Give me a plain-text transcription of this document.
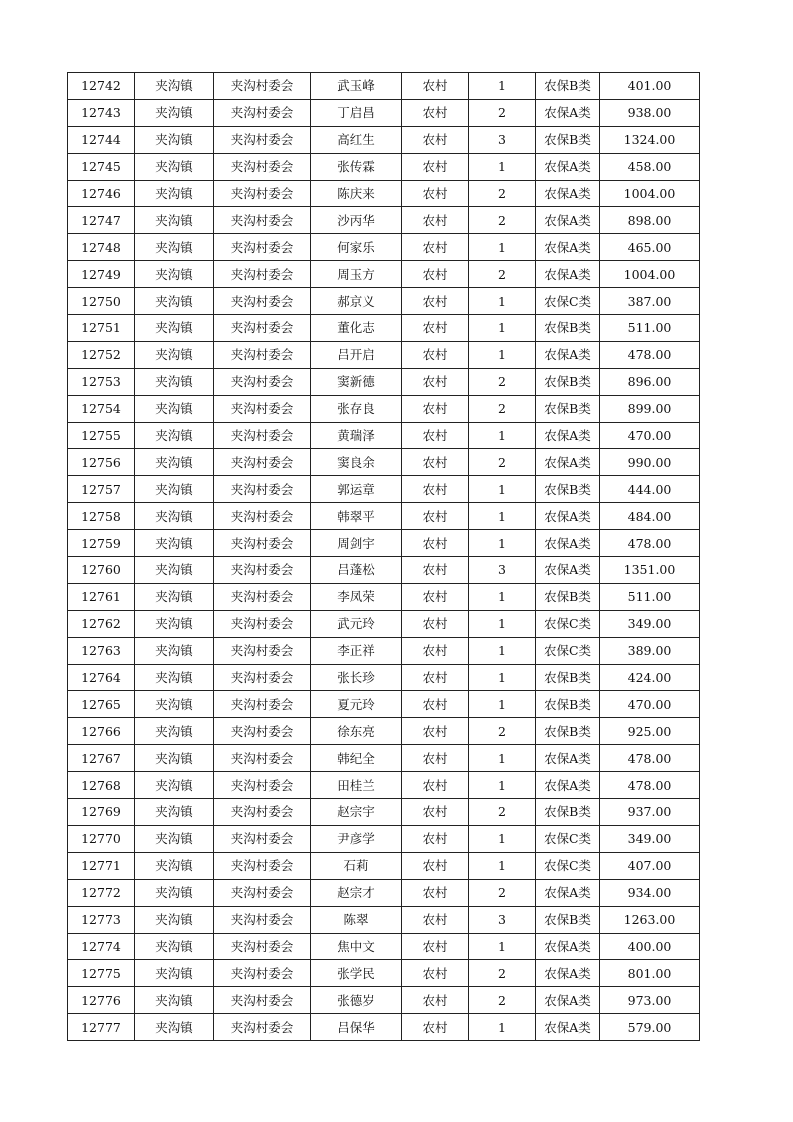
12742	夹沟镇	夹沟村委会	武玉峰	农村	1	农保B类	401.00
12743	夹沟镇	夹沟村委会	丁启昌	农村	2	农保A类	938.00
12744	夹沟镇	夹沟村委会	高红生	农村	3	农保B类	1324.00
12745	夹沟镇	夹沟村委会	张传霖	农村	1	农保A类	458.00
12746	夹沟镇	夹沟村委会	陈庆来	农村	2	农保A类	1004.00
12747	夹沟镇	夹沟村委会	沙丙华	农村	2	农保A类	898.00
12748	夹沟镇	夹沟村委会	何家乐	农村	1	农保A类	465.00
12749	夹沟镇	夹沟村委会	周玉方	农村	2	农保A类	1004.00
12750	夹沟镇	夹沟村委会	郝京义	农村	1	农保C类	387.00
12751	夹沟镇	夹沟村委会	董化志	农村	1	农保B类	511.00
12752	夹沟镇	夹沟村委会	吕开启	农村	1	农保A类	478.00
12753	夹沟镇	夹沟村委会	窦新德	农村	2	农保B类	896.00
12754	夹沟镇	夹沟村委会	张存良	农村	2	农保B类	899.00
12755	夹沟镇	夹沟村委会	黄瑞泽	农村	1	农保A类	470.00
12756	夹沟镇	夹沟村委会	窦良余	农村	2	农保A类	990.00
12757	夹沟镇	夹沟村委会	郭运章	农村	1	农保B类	444.00
12758	夹沟镇	夹沟村委会	韩翠平	农村	1	农保A类	484.00
12759	夹沟镇	夹沟村委会	周剑宇	农村	1	农保A类	478.00
12760	夹沟镇	夹沟村委会	吕蓬松	农村	3	农保A类	1351.00
12761	夹沟镇	夹沟村委会	李凤荣	农村	1	农保B类	511.00
12762	夹沟镇	夹沟村委会	武元玲	农村	1	农保C类	349.00
12763	夹沟镇	夹沟村委会	李正祥	农村	1	农保C类	389.00
12764	夹沟镇	夹沟村委会	张长珍	农村	1	农保B类	424.00
12765	夹沟镇	夹沟村委会	夏元玲	农村	1	农保B类	470.00
12766	夹沟镇	夹沟村委会	徐东亮	农村	2	农保B类	925.00
12767	夹沟镇	夹沟村委会	韩纪全	农村	1	农保A类	478.00
12768	夹沟镇	夹沟村委会	田桂兰	农村	1	农保A类	478.00
12769	夹沟镇	夹沟村委会	赵宗宇	农村	2	农保B类	937.00
12770	夹沟镇	夹沟村委会	尹彦学	农村	1	农保C类	349.00
12771	夹沟镇	夹沟村委会	石莉	农村	1	农保C类	407.00
12772	夹沟镇	夹沟村委会	赵宗才	农村	2	农保A类	934.00
12773	夹沟镇	夹沟村委会	陈翠	农村	3	农保B类	1263.00
12774	夹沟镇	夹沟村委会	焦中文	农村	1	农保A类	400.00
12775	夹沟镇	夹沟村委会	张学民	农村	2	农保A类	801.00
12776	夹沟镇	夹沟村委会	张德岁	农村	2	农保A类	973.00
12777	夹沟镇	夹沟村委会	吕保华	农村	1	农保A类	579.00
